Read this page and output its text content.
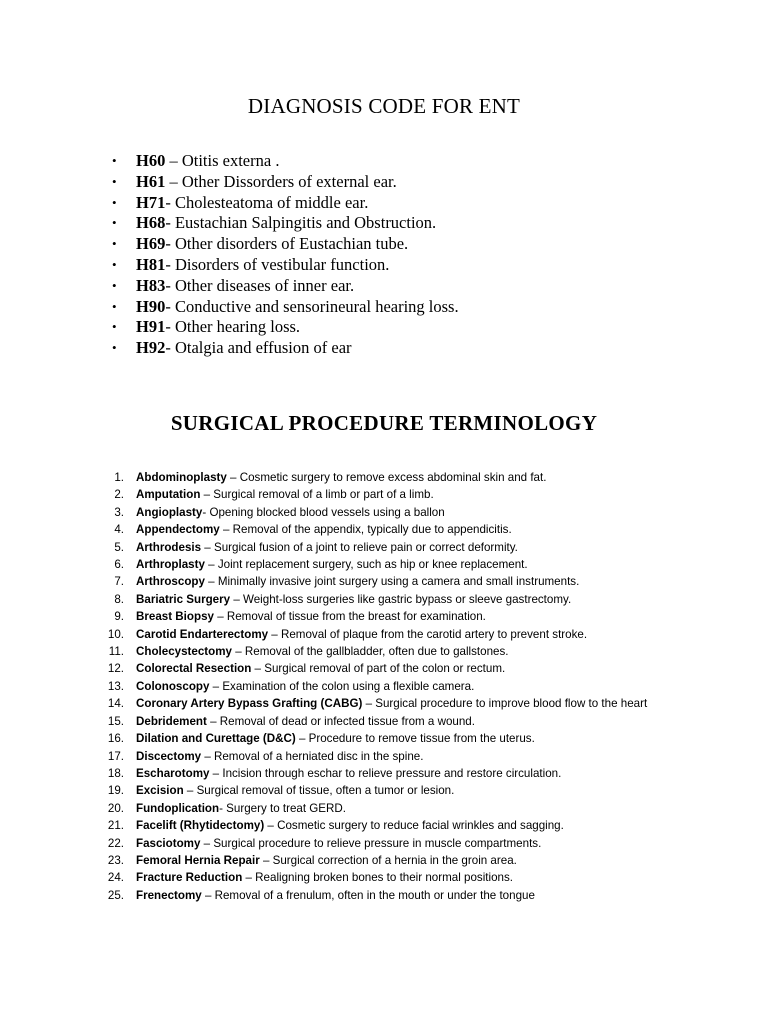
DIAGNOSIS CODE FOR ENT
• H60 – Otitis externa .
• H61 – Other Dissorders of external ear.
• H71- Cholesteatoma of middle ear.
• H68- Eustachian Salpingitis and Obstruction.
• H69- Other disorders of Eustachian tube.
• H81- Disorders of vestibular function.
• H83- Other diseases of inner ear.
• H90- Conductive and sensorineural hearing loss.
• H91- Other hearing loss.
• H92- Otalgia and effusion of ear
SURGICAL PROCEDURE TERMINOLOGY
1. Abdominoplasty – Cosmetic surgery to remove excess abdominal skin and fat.
2. Amputation – Surgical removal of a limb or part of a limb.
3. Angioplasty- Opening blocked blood vessels using a ballon
4. Appendectomy – Removal of the appendix, typically due to appendicitis.
5. Arthrodesis – Surgical fusion of a joint to relieve pain or correct deformity.
6. Arthroplasty – Joint replacement surgery, such as hip or knee replacement.
7. Arthroscopy – Minimally invasive joint surgery using a camera and small instruments.
8. Bariatric Surgery – Weight-loss surgeries like gastric bypass or sleeve gastrectomy.
9. Breast Biopsy – Removal of tissue from the breast for examination.
10. Carotid Endarterectomy – Removal of plaque from the carotid artery to prevent stroke.
11. Cholecystectomy – Removal of the gallbladder, often due to gallstones.
12. Colorectal Resection – Surgical removal of part of the colon or rectum.
13. Colonoscopy – Examination of the colon using a flexible camera.
14. Coronary Artery Bypass Grafting (CABG) – Surgical procedure to improve blood flow to the heart
15. Debridement – Removal of dead or infected tissue from a wound.
16. Dilation and Curettage (D&C) – Procedure to remove tissue from the uterus.
17. Discectomy – Removal of a herniated disc in the spine.
18. Escharotomy – Incision through eschar to relieve pressure and restore circulation.
19. Excision – Surgical removal of tissue, often a tumor or lesion.
20. Fundoplication- Surgery to treat GERD.
21. Facelift (Rhytidectomy) – Cosmetic surgery to reduce facial wrinkles and sagging.
22. Fasciotomy – Surgical procedure to relieve pressure in muscle compartments.
23. Femoral Hernia Repair – Surgical correction of a hernia in the groin area.
24. Fracture Reduction – Realigning broken bones to their normal positions.
25. Frenectomy – Removal of a frenulum, often in the mouth or under the tongue
